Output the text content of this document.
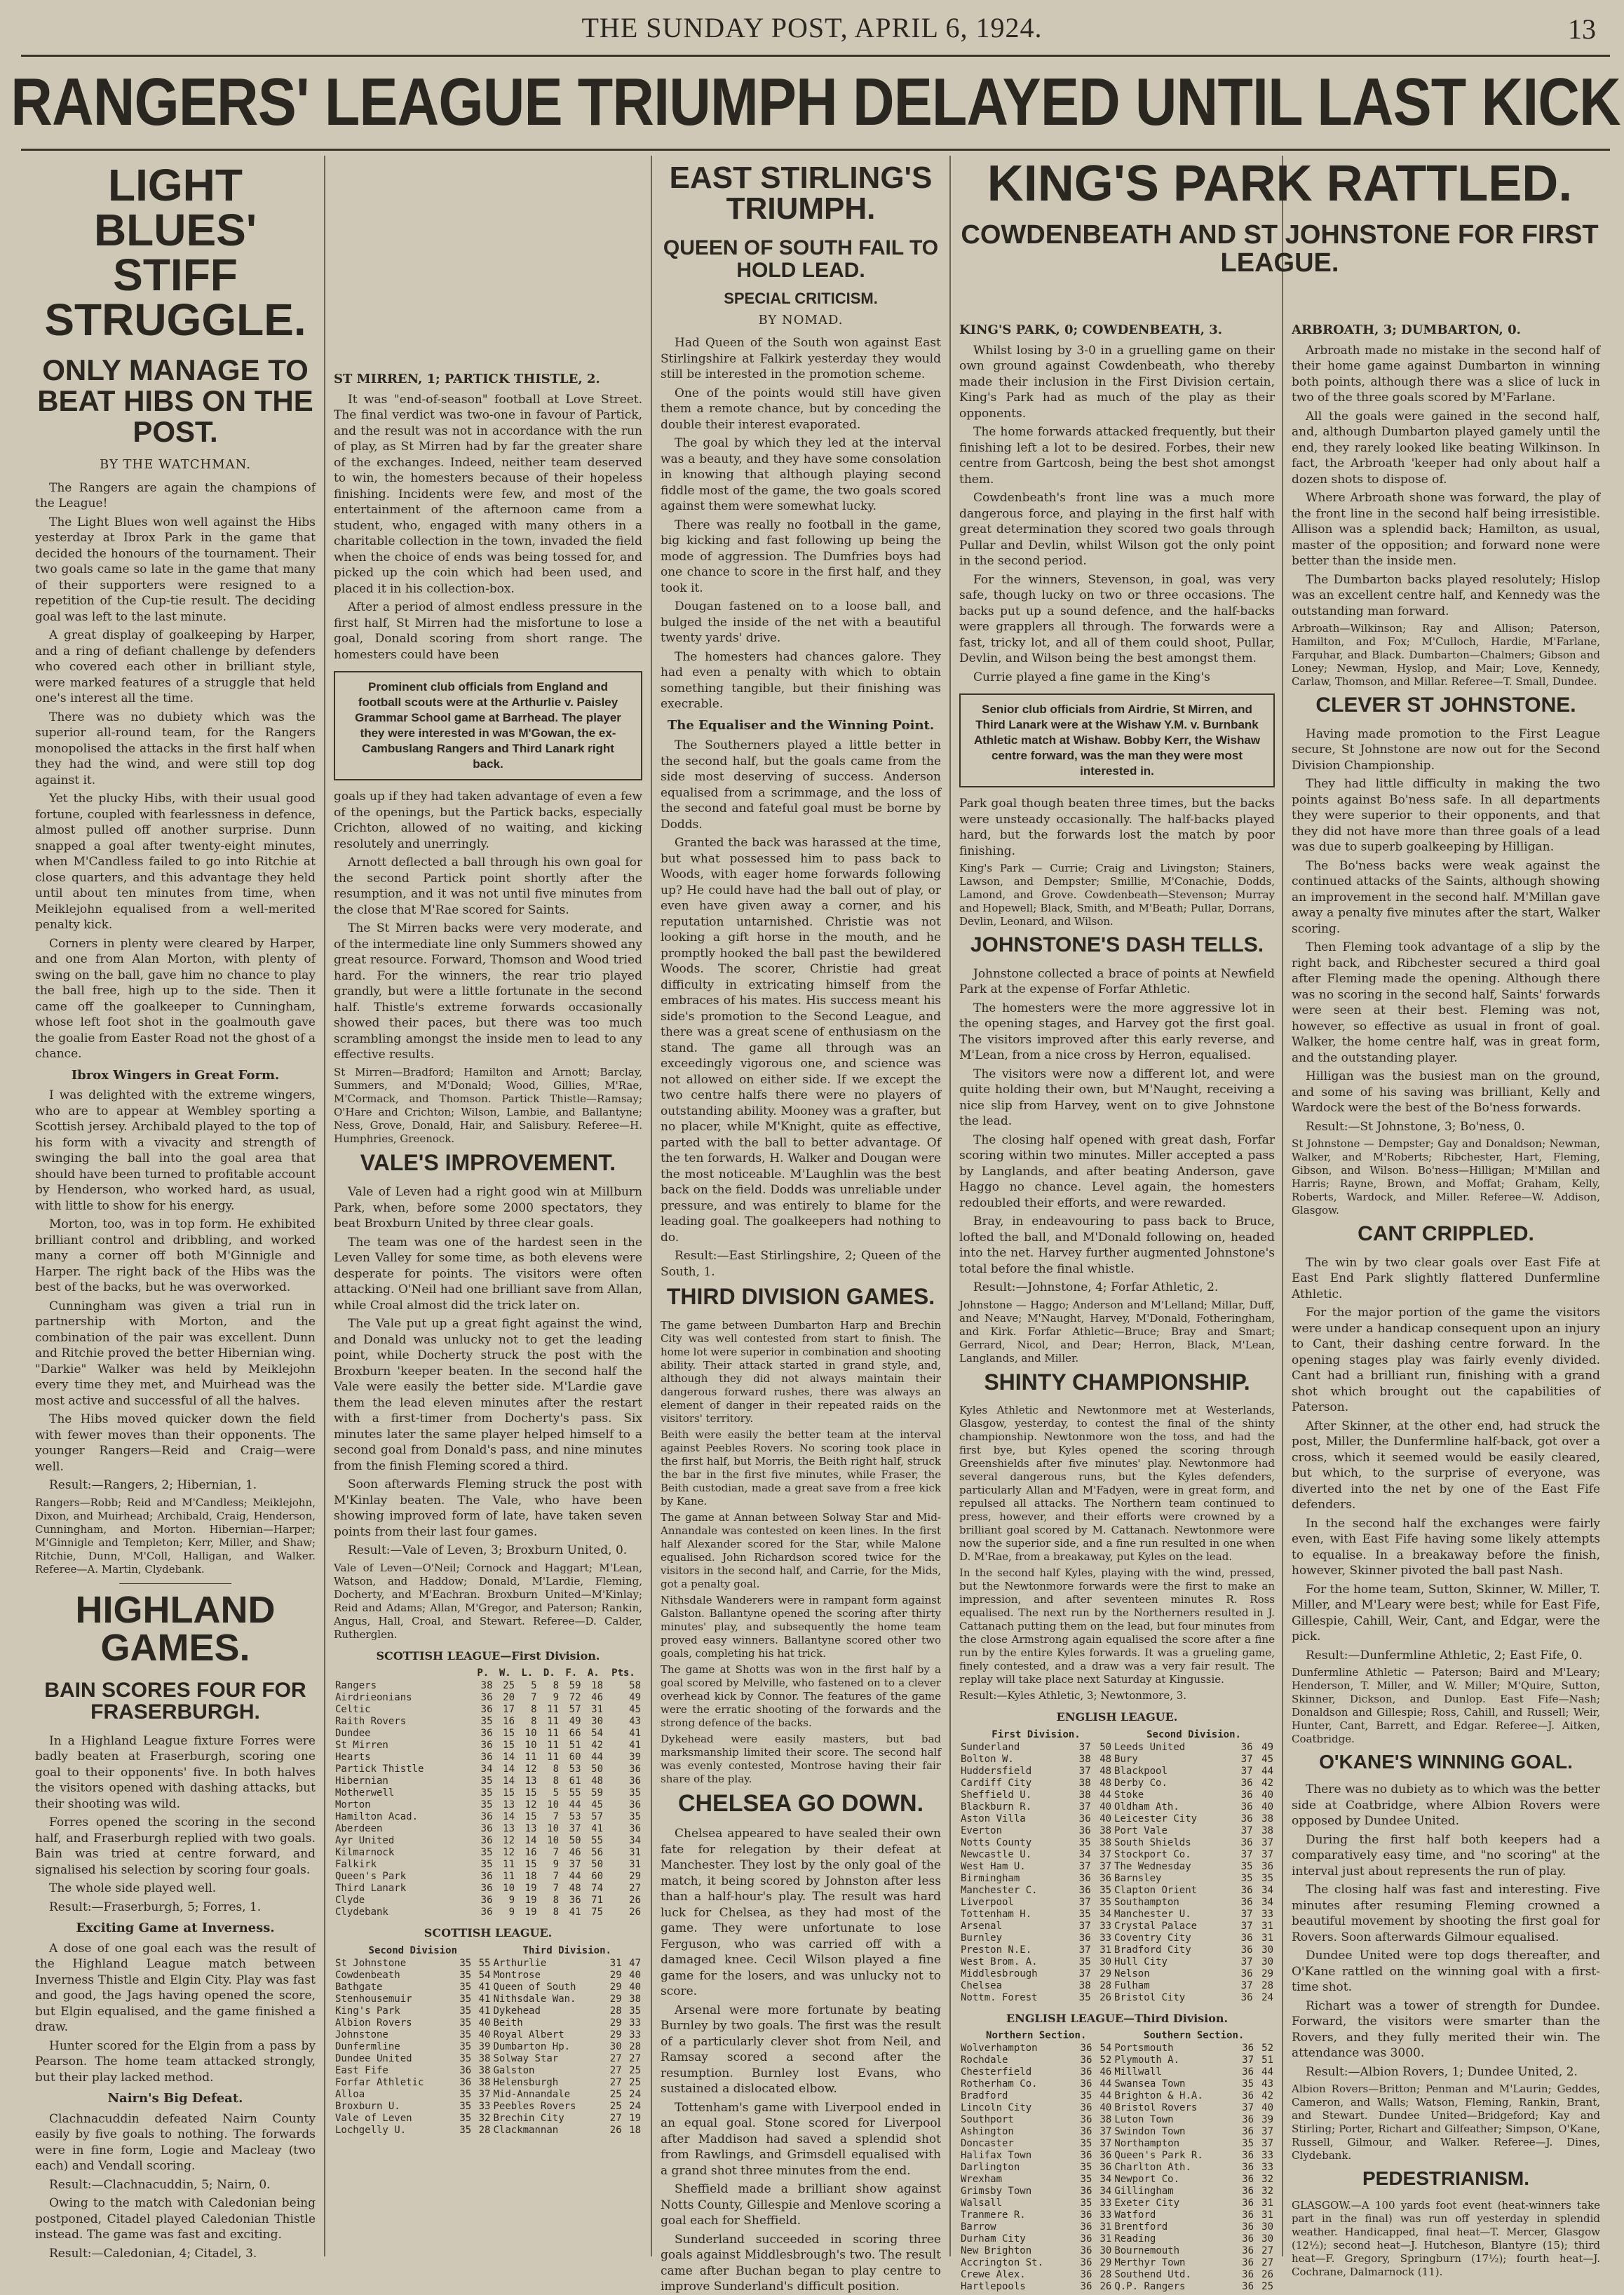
THE SUNDAY POST, APRIL 6, 1924.	13
RANGERS' LEAGUE TRIUMPH DELAYED UNTIL LAST KICK
LIGHT BLUES' STIFF STRUGGLE.
ONLY MANAGE TO BEAT HIBS ON THE POST.
BY THE WATCHMAN.

The Rangers are again the champions of the League!

The Light Blues won well against the Hibs yesterday at Ibrox Park in the game that decided the honours of the tournament. Their two goals came so late in the game that many of their supporters were resigned to a repetition of the Cup-tie result. The deciding goal was left to the last minute.

A great display of goalkeeping by Harper, and a ring of defiant challenge by defenders who covered each other in brilliant style, were marked features of a struggle that held one's interest all the time.

There was no dubiety which was the superior all-round team, for the Rangers monopolised the attacks in the first half when they had the wind, and were still top dog against it.

Yet the plucky Hibs, with their usual good fortune, coupled with fearlessness in defence, almost pulled off another surprise. Dunn snapped a goal after twenty-eight minutes, when M'Candless failed to go into Ritchie at close quarters, and this advantage they held until about ten minutes from time, when Meiklejohn equalised from a well-merited penalty kick.

Corners in plenty were cleared by Harper, and one from Alan Morton, with plenty of swing on the ball, gave him no chance to play the ball free, high up to the side. Then it came off the goalkeeper to Cunningham, whose left foot shot in the goalmouth gave the goalie from Easter Road not the ghost of a chance.

Ibrox Wingers in Great Form.

I was delighted with the extreme wingers, who are to appear at Wembley sporting a Scottish jersey. Archibald played to the top of his form with a vivacity and strength of swinging the ball into the goal area that should have been turned to profitable account by Henderson, who worked hard, as usual, with little to show for his energy.

Morton, too, was in top form. He exhibited brilliant control and dribbling, and worked many a corner off both M'Ginnigle and Harper. The right back of the Hibs was the best of the backs, but he was overworked.

Cunningham was given a trial run in partnership with Morton, and the combination of the pair was excellent. Dunn and Ritchie proved the better Hibernian wing. "Darkie" Walker was held by Meiklejohn every time they met, and Muirhead was the most active and successful of all the halves.

The Hibs moved quicker down the field with fewer moves than their opponents. The younger Rangers—Reid and Craig—were well.

Result:—Rangers, 2; Hibernian, 1.

Rangers—Robb; Reid and M'Candless; Meiklejohn, Dixon, and Muirhead; Archibald, Craig, Henderson, Cunningham, and Morton. Hibernian—Harper; M'Ginnigle and Templeton; Kerr, Miller, and Shaw; Ritchie, Dunn, M'Coll, Halligan, and Walker. Referee—A. Martin, Clydebank.

HIGHLAND GAMES.
BAIN SCORES FOUR FOR FRASERBURGH.

In a Highland League fixture Forres were badly beaten at Fraserburgh, scoring one goal to their opponents' five. In both halves the visitors opened with dashing attacks, but their shooting was wild.

Forres opened the scoring in the second half, and Fraserburgh replied with two goals. Bain was tried at centre forward, and signalised his selection by scoring four goals.

The whole side played well.

Result:—Fraserburgh, 5; Forres, 1.

Exciting Game at Inverness.

A dose of one goal each was the result of the Highland League match between Inverness Thistle and Elgin City. Play was fast and good, the Jags having opened the score, but Elgin equalised, and the game finished a draw.

Hunter scored for the Elgin from a pass by Pearson. The home team attacked strongly, but their play lacked method.

Nairn's Big Defeat.

Clachnacuddin defeated Nairn County easily by five goals to nothing. The forwards were in fine form, Logie and Macleay (two each) and Vendall scoring.

Result:—Clachnacuddin, 5; Nairn, 0.

Owing to the match with Caledonian being postponed, Citadel played Caledonian Thistle instead. The game was fast and exciting.

Result:—Caledonian, 4; Citadel, 3.

ST MIRREN, 1; PARTICK THISTLE, 2.

It was "end-of-season" football at Love Street. The final verdict was two-one in favour of Partick, and the result was not in accordance with the run of play, as St Mirren had by far the greater share of the exchanges. Indeed, neither team deserved to win, the homesters because of their hopeless finishing. Incidents were few, and most of the entertainment of the afternoon came from a student, who, engaged with many others in a charitable collection in the town, invaded the field when the choice of ends was being tossed for, and picked up the coin which had been used, and placed it in his collection-box.

After a period of almost endless pressure in the first half, St Mirren had the misfortune to lose a goal, Donald scoring from short range. The homesters could have been

Prominent club officials from England and football scouts were at the Arthurlie v. Paisley Grammar School game at Barrhead. The player they were interested in was M'Gowan, the ex-Cambuslang Rangers and Third Lanark right back.

goals up if they had taken advantage of even a few of the openings, but the Partick backs, especially Crichton, allowed of no waiting, and kicking resolutely and unerringly.

Arnott deflected a ball through his own goal for the second Partick point shortly after the resumption, and it was not until five minutes from the close that M'Rae scored for Saints.

The St Mirren backs were very moderate, and of the intermediate line only Summers showed any great resource. Forward, Thomson and Wood tried hard. For the winners, the rear trio played grandly, but were a little fortunate in the second half. Thistle's extreme forwards occasionally showed their paces, but there was too much scrambling amongst the inside men to lead to any effective results.

St Mirren—Bradford; Hamilton and Arnott; Barclay, Summers, and M'Donald; Wood, Gillies, M'Rae, M'Cormack, and Thomson. Partick Thistle—Ramsay; O'Hare and Crichton; Wilson, Lambie, and Ballantyne; Ness, Grove, Donald, Hair, and Salisbury. Referee—H. Humphries, Greenock.

VALE'S IMPROVEMENT.

Vale of Leven had a right good win at Millburn Park, when, before some 2000 spectators, they beat Broxburn United by three clear goals.

The team was one of the hardest seen in the Leven Valley for some time, as both elevens were desperate for points. The visitors were often attacking. O'Neil had one brilliant save from Allan, while Croal almost did the trick later on.

The Vale put up a great fight against the wind, and Donald was unlucky not to get the leading point, while Docherty struck the post with the Broxburn 'keeper beaten. In the second half the Vale were easily the better side. M'Lardie gave them the lead eleven minutes after the restart with a first-timer from Docherty's pass. Six minutes later the same player helped himself to a second goal from Donald's pass, and nine minutes from the finish Fleming scored a third.

Soon afterwards Fleming struck the post with M'Kinlay beaten. The Vale, who have been showing improved form of late, have taken seven points from their last four games.

Result:—Vale of Leven, 3; Broxburn United, 0.

Vale of Leven—O'Neil; Cornock and Haggart; M'Lean, Watson, and Haddow; Donald, M'Lardie, Fleming, Docherty, and M'Eachran. Broxburn United—M'Kinlay; Reid and Adams; Allan, M'Gregor, and Paterson; Rankin, Angus, Hall, Croal, and Stewart. Referee—D. Calder, Rutherglen.

SCOTTISH LEAGUE—First Division.
	P.	W.	L.	D.	F.	A.	Pts.
Rangers	38	25	5	8	59	18	58
Airdrieonians	36	20	7	9	72	46	49
Celtic	36	17	8	11	57	31	45
Raith Rovers	35	16	8	11	49	30	43
Dundee	36	15	10	11	66	54	41
St Mirren	36	15	10	11	51	42	41
Hearts	36	14	11	11	60	44	39
Partick Thistle	34	14	12	8	53	50	36
Hibernian	35	14	13	8	61	48	36
Motherwell	35	15	15	5	55	59	35
Morton	35	13	12	10	44	45	36
Hamilton Acad.	36	14	15	7	53	57	35
Aberdeen	36	13	13	10	37	41	36
Ayr United	36	12	14	10	50	55	34
Kilmarnock	35	12	16	7	46	56	31
Falkirk	35	11	15	9	37	50	31
Queen's Park	36	11	18	7	44	60	29
Third Lanark	36	10	19	7	48	74	27
Clyde	36	9	19	8	36	71	26
Clydebank	36	9	19	8	41	75	26
SCOTTISH LEAGUE.
Second Division			Third Division.		
St Johnstone	35	55	Arthurlie	31	47
Cowdenbeath	35	54	Montrose	29	40
Bathgate	35	41	Queen of South	29	40
Stenhousemuir	35	41	Nithsdale Wan.	29	38
King's Park	35	41	Dykehead	28	35
Albion Rovers	35	40	Beith	29	33
Johnstone	35	40	Royal Albert	29	33
Dunfermline	35	39	Dumbarton Hp.	30	28
Dundee United	35	38	Solway Star	27	27
East Fife	36	38	Galston	27	25
Forfar Athletic	36	38	Helensburgh	27	25
Alloa	35	37	Mid-Annandale	25	24
Broxburn U.	35	33	Peebles Rovers	25	24
Vale of Leven	35	32	Brechin City	27	19
Lochgelly U.	35	28	Clackmannan	26	18
EAST STIRLING'S TRIUMPH.
QUEEN OF SOUTH FAIL TO HOLD LEAD.
SPECIAL CRITICISM.
BY NOMAD.

Had Queen of the South won against East Stirlingshire at Falkirk yesterday they would still be interested in the promotion scheme.

One of the points would still have given them a remote chance, but by conceding the double their interest evaporated.

The goal by which they led at the interval was a beauty, and they have some consolation in knowing that although playing second fiddle most of the game, the two goals scored against them were somewhat lucky.

There was really no football in the game, big kicking and fast following up being the mode of aggression. The Dumfries boys had one chance to score in the first half, and they took it.

Dougan fastened on to a loose ball, and bulged the inside of the net with a beautiful twenty yards' drive.

The homesters had chances galore. They had even a penalty with which to obtain something tangible, but their finishing was execrable.

The Equaliser and the Winning Point.

The Southerners played a little better in the second half, but the goals came from the side most deserving of success. Anderson equalised from a scrimmage, and the loss of the second and fateful goal must be borne by Dodds.

Granted the back was harassed at the time, but what possessed him to pass back to Woods, with eager home forwards following up? He could have had the ball out of play, or even have given away a corner, and his reputation untarnished. Christie was not looking a gift horse in the mouth, and he promptly hooked the ball past the bewildered Woods. The scorer, Christie had great difficulty in extricating himself from the embraces of his mates. His success meant his side's promotion to the Second League, and there was a great scene of enthusiasm on the stand. The game all through was an exceedingly vigorous one, and science was not allowed on either side. If we except the two centre halfs there were no players of outstanding ability. Mooney was a grafter, but no placer, while M'Knight, quite as effective, parted with the ball to better advantage. Of the ten forwards, H. Walker and Dougan were the most noticeable. M'Laughlin was the best back on the field. Dodds was unreliable under pressure, and was entirely to blame for the leading goal. The goalkeepers had nothing to do.

Result:—East Stirlingshire, 2; Queen of the South, 1.

THIRD DIVISION GAMES.

The game between Dumbarton Harp and Brechin City was well contested from start to finish. The home lot were superior in combination and shooting ability. Their attack started in grand style, and, although they did not always maintain their dangerous forward rushes, there was always an element of danger in their repeated raids on the visitors' territory.

Beith were easily the better team at the interval against Peebles Rovers. No scoring took place in the first half, but Morris, the Beith right half, struck the bar in the first five minutes, while Fraser, the Beith custodian, made a great save from a free kick by Kane.

The game at Annan between Solway Star and Mid-Annandale was contested on keen lines. In the first half Alexander scored for the Star, while Malone equalised. John Richardson scored twice for the visitors in the second half, and Carrie, for the Mids, got a penalty goal.

Nithsdale Wanderers were in rampant form against Galston. Ballantyne opened the scoring after thirty minutes' play, and subsequently the home team proved easy winners. Ballantyne scored other two goals, completing his hat trick.

The game at Shotts was won in the first half by a goal scored by Melville, who fastened on to a clever overhead kick by Connor. The features of the game were the erratic shooting of the forwards and the strong defence of the backs.

Dykehead were easily masters, but bad marksmanship limited their score. The second half was evenly contested, Montrose having their fair share of the play.

CHELSEA GO DOWN.

Chelsea appeared to have sealed their own fate for relegation by their defeat at Manchester. They lost by the only goal of the match, it being scored by Johnston after less than a half-hour's play. The result was hard luck for Chelsea, as they had most of the game. They were unfortunate to lose Ferguson, who was carried off with a damaged knee. Cecil Wilson played a fine game for the losers, and was unlucky not to score.

Arsenal were more fortunate by beating Burnley by two goals. The first was the result of a particularly clever shot from Neil, and Ramsay scored a second after the resumption. Burnley lost Evans, who sustained a dislocated elbow.

Tottenham's game with Liverpool ended in an equal goal. Stone scored for Liverpool after Maddison had saved a splendid shot from Rawlings, and Grimsdell equalised with a grand shot three minutes from the end.

Sheffield made a brilliant show against Notts County, Gillespie and Menlove scoring a goal each for Sheffield.

Sunderland succeeded in scoring three goals against Middlesbrough's two. The result came after Buchan began to play centre to improve Sunderland's difficult position.

KING'S PARK, 0; COWDENBEATH, 3.

Whilst losing by 3-0 in a gruelling game on their own ground against Cowdenbeath, who thereby made their inclusion in the First Division certain, King's Park had as much of the play as their opponents.

The home forwards attacked frequently, but their finishing left a lot to be desired. Forbes, their new centre from Gartcosh, being the best shot amongst them.

Cowdenbeath's front line was a much more dangerous force, and playing in the first half with great determination they scored two goals through Pullar and Devlin, whilst Wilson got the only point in the second period.

For the winners, Stevenson, in goal, was very safe, though lucky on two or three occasions. The backs put up a sound defence, and the half-backs were grapplers all through. The forwards were a fast, tricky lot, and all of them could shoot, Pullar, Devlin, and Wilson being the best amongst them.

Currie played a fine game in the King's

Senior club officials from Airdrie, St Mirren, and Third Lanark were at the Wishaw Y.M. v. Burnbank Athletic match at Wishaw. Bobby Kerr, the Wishaw centre forward, was the man they were most interested in.

Park goal though beaten three times, but the backs were unsteady occasionally. The half-backs played hard, but the forwards lost the match by poor finishing.

King's Park — Currie; Craig and Livingston; Stainers, Lawson, and Dempster; Smillie, M'Conachie, Dodds, Lamond, and Grove. Cowdenbeath—Stevenson; Murray and Hopewell; Black, Smith, and M'Beath; Pullar, Dorrans, Devlin, Leonard, and Wilson.

JOHNSTONE'S DASH TELLS.

Johnstone collected a brace of points at Newfield Park at the expense of Forfar Athletic.

The homesters were the more aggressive lot in the opening stages, and Harvey got the first goal. The visitors improved after this early reverse, and M'Lean, from a nice cross by Herron, equalised.

The visitors were now a different lot, and were quite holding their own, but M'Naught, receiving a nice slip from Harvey, went on to give Johnstone the lead.

The closing half opened with great dash, Forfar scoring within two minutes. Miller accepted a pass by Langlands, and after beating Anderson, gave Haggo no chance. Level again, the homesters redoubled their efforts, and were rewarded.

Bray, in endeavouring to pass back to Bruce, lofted the ball, and M'Donald following on, headed into the net. Harvey further augmented Johnstone's total before the final whistle.

Result:—Johnstone, 4; Forfar Athletic, 2.

Johnstone — Haggo; Anderson and M'Lelland; Millar, Duff, and Neave; M'Naught, Harvey, M'Donald, Fotheringham, and Kirk. Forfar Athletic—Bruce; Bray and Smart; Gerrard, Nicol, and Dear; Herron, Black, M'Lean, Langlands, and Miller.

SHINTY CHAMPIONSHIP.

Kyles Athletic and Newtonmore met at Westerlands, Glasgow, yesterday, to contest the final of the shinty championship. Newtonmore won the toss, and had the first bye, but Kyles opened the scoring through Greenshields after five minutes' play. Newtonmore had several dangerous runs, but the Kyles defenders, particularly Allan and M'Fadyen, were in great form, and repulsed all attacks. The Northern team continued to press, however, and their efforts were crowned by a brilliant goal scored by M. Cattanach. Newtonmore were now the superior side, and a fine run resulted in one when D. M'Rae, from a breakaway, put Kyles on the lead.

In the second half Kyles, playing with the wind, pressed, but the Newtonmore forwards were the first to make an impression, and after seventeen minutes R. Ross equalised. The next run by the Northerners resulted in J. Cattanach putting them on the lead, but four minutes from the close Armstrong again equalised the score after a fine run by the entire Kyles forwards. It was a grueling game, finely contested, and a draw was a very fair result. The replay will take place next Saturday at Kingussie.

Result:—Kyles Athletic, 3; Newtonmore, 3.

ENGLISH LEAGUE.
First Division.			Second Division.		
Sunderland	37	50	Leeds United	36	49
Bolton W.	38	48	Bury	37	45
Huddersfield	37	48	Blackpool	37	44
Cardiff City	38	48	Derby Co.	36	42
Sheffield U.	38	44	Stoke	36	40
Blackburn R.	37	40	Oldham Ath.	36	40
Aston Villa	36	40	Leicester City	36	38
Everton	36	38	Port Vale	37	38
Notts County	35	38	South Shields	36	37
Newcastle U.	34	37	Stockport Co.	37	37
West Ham U.	37	37	The Wednesday	35	36
Birmingham	36	36	Barnsley	35	35
Manchester C.	36	35	Clapton Orient	36	34
Liverpool	37	35	Southampton	36	34
Tottenham H.	35	34	Manchester U.	37	33
Arsenal	37	33	Crystal Palace	37	31
Burnley	36	33	Coventry City	36	31
Preston N.E.	37	31	Bradford City	36	30
West Brom. A.	35	30	Hull City	37	30
Middlesbrough	37	29	Nelson	36	29
Chelsea	38	28	Fulham	37	28
Nottm. Forest	35	26	Bristol City	36	24
ENGLISH LEAGUE—Third Division.
Northern Section.			Southern Section.		
Wolverhampton	36	54	Portsmouth	36	52
Rochdale	36	52	Plymouth A.	37	51
Chesterfield	36	46	Millwall	36	44
Rotherham Co.	36	44	Swansea Town	35	43
Bradford	35	44	Brighton & H.A.	36	42
Lincoln City	36	40	Bristol Rovers	37	40
Southport	36	38	Luton Town	36	39
Ashington	36	37	Swindon Town	36	37
Doncaster	35	37	Northampton	35	37
Halifax Town	36	36	Queen's Park R.	36	33
Darlington	35	36	Charlton Ath.	36	33
Wrexham	35	34	Newport Co.	36	32
Grimsby Town	36	34	Gillingham	36	32
Walsall	35	33	Exeter City	36	31
Tranmere R.	36	33	Watford	36	31
Barrow	36	31	Brentford	36	30
Durham City	36	31	Reading	36	30
New Brighton	36	30	Bournemouth	36	27
Accrington St.	36	29	Merthyr Town	36	27
Crewe Alex.	36	28	Southend Utd.	36	26
Hartlepools	36	26	Q.P. Rangers	36	25
ARBROATH, 3; DUMBARTON, 0.

Arbroath made no mistake in the second half of their home game against Dumbarton in winning both points, although there was a slice of luck in two of the three goals scored by M'Farlane.

All the goals were gained in the second half, and, although Dumbarton played gamely until the end, they rarely looked like beating Wilkinson. In fact, the Arbroath 'keeper had only about half a dozen shots to dispose of.

Where Arbroath shone was forward, the play of the front line in the second half being irresistible. Allison was a splendid back; Hamilton, as usual, master of the opposition; and forward none were better than the inside men.

The Dumbarton backs played resolutely; Hislop was an excellent centre half, and Kennedy was the outstanding man forward.

Arbroath—Wilkinson; Ray and Allison; Paterson, Hamilton, and Fox; M'Culloch, Hardie, M'Farlane, Farquhar, and Black. Dumbarton—Chalmers; Gibson and Loney; Newman, Hyslop, and Mair; Love, Kennedy, Carlaw, Thomson, and Millar. Referee—T. Small, Dundee.

CLEVER ST JOHNSTONE.

Having made promotion to the First League secure, St Johnstone are now out for the Second Division Championship.

They had little difficulty in making the two points against Bo'ness safe. In all departments they were superior to their opponents, and that they did not have more than three goals of a lead was due to superb goalkeeping by Hilligan.

The Bo'ness backs were weak against the continued attacks of the Saints, although showing an improvement in the second half. M'Millan gave away a penalty five minutes after the start, Walker scoring.

Then Fleming took advantage of a slip by the right back, and Ribchester secured a third goal after Fleming made the opening. Although there was no scoring in the second half, Saints' forwards were seen at their best. Fleming was not, however, so effective as usual in front of goal. Walker, the home centre half, was in great form, and the outstanding player.

Hilligan was the busiest man on the ground, and some of his saving was brilliant, Kelly and Wardock were the best of the Bo'ness forwards.

Result:—St Johnstone, 3; Bo'ness, 0.

St Johnstone — Dempster; Gay and Donaldson; Newman, Walker, and M'Roberts; Ribchester, Hart, Fleming, Gibson, and Wilson. Bo'ness—Hilligan; M'Millan and Harris; Rayne, Brown, and Moffat; Graham, Kelly, Roberts, Wardock, and Miller. Referee—W. Addison, Glasgow.

CANT CRIPPLED.

The win by two clear goals over East Fife at East End Park slightly flattered Dunfermline Athletic.

For the major portion of the game the visitors were under a handicap consequent upon an injury to Cant, their dashing centre forward. In the opening stages play was fairly evenly divided. Cant had a brilliant run, finishing with a grand shot which brought out the capabilities of Paterson.

After Skinner, at the other end, had struck the post, Miller, the Dunfermline half-back, got over a cross, which it seemed would be easily cleared, but which, to the surprise of everyone, was diverted into the net by one of the East Fife defenders.

In the second half the exchanges were fairly even, with East Fife having some likely attempts to equalise. In a breakaway before the finish, however, Skinner pivoted the ball past Nash.

For the home team, Sutton, Skinner, W. Miller, T. Miller, and M'Leary were best; while for East Fife, Gillespie, Cahill, Weir, Cant, and Edgar, were the pick.

Result:—Dunfermline Athletic, 2; East Fife, 0.

Dunfermline Athletic — Paterson; Baird and M'Leary; Henderson, T. Miller, and W. Miller; M'Quire, Sutton, Skinner, Dickson, and Dunlop. East Fife—Nash; Donaldson and Gillespie; Ross, Cahill, and Russell; Weir, Hunter, Cant, Barrett, and Edgar. Referee—J. Aitken, Coatbridge.

O'KANE'S WINNING GOAL.

There was no dubiety as to which was the better side at Coatbridge, where Albion Rovers were opposed by Dundee United.

During the first half both keepers had a comparatively easy time, and "no scoring" at the interval just about represents the run of play.

The closing half was fast and interesting. Five minutes after resuming Fleming crowned a beautiful movement by shooting the first goal for Rovers. Soon afterwards Gilmour equalised.

Dundee United were top dogs thereafter, and O'Kane rattled on the winning goal with a first-time shot.

Richart was a tower of strength for Dundee. Forward, the visitors were smarter than the Rovers, and they fully merited their win. The attendance was 3000.

Result:—Albion Rovers, 1; Dundee United, 2.

Albion Rovers—Britton; Penman and M'Laurin; Geddes, Cameron, and Walls; Watson, Fleming, Rankin, Brant, and Stewart. Dundee United—Bridgeford; Kay and Stirling; Porter, Richart and Gilfeather; Simpson, O'Kane, Russell, Gilmour, and Walker. Referee—J. Dines, Clydebank.

PEDESTRIANISM.

GLASGOW.—A 100 yards foot event (heat-winners take part in the final) was run off yesterday in splendid weather. Handicapped, final heat—T. Mercer, Glasgow (12½); second heat—J. Hutcheson, Blantyre (15); third heat—F. Gregory, Springburn (17½); fourth heat—J. Cochrane, Dalmarnock (11).

KING'S PARK RATTLED.
COWDENBEATH AND ST JOHNSTONE FOR FIRST LEAGUE.
